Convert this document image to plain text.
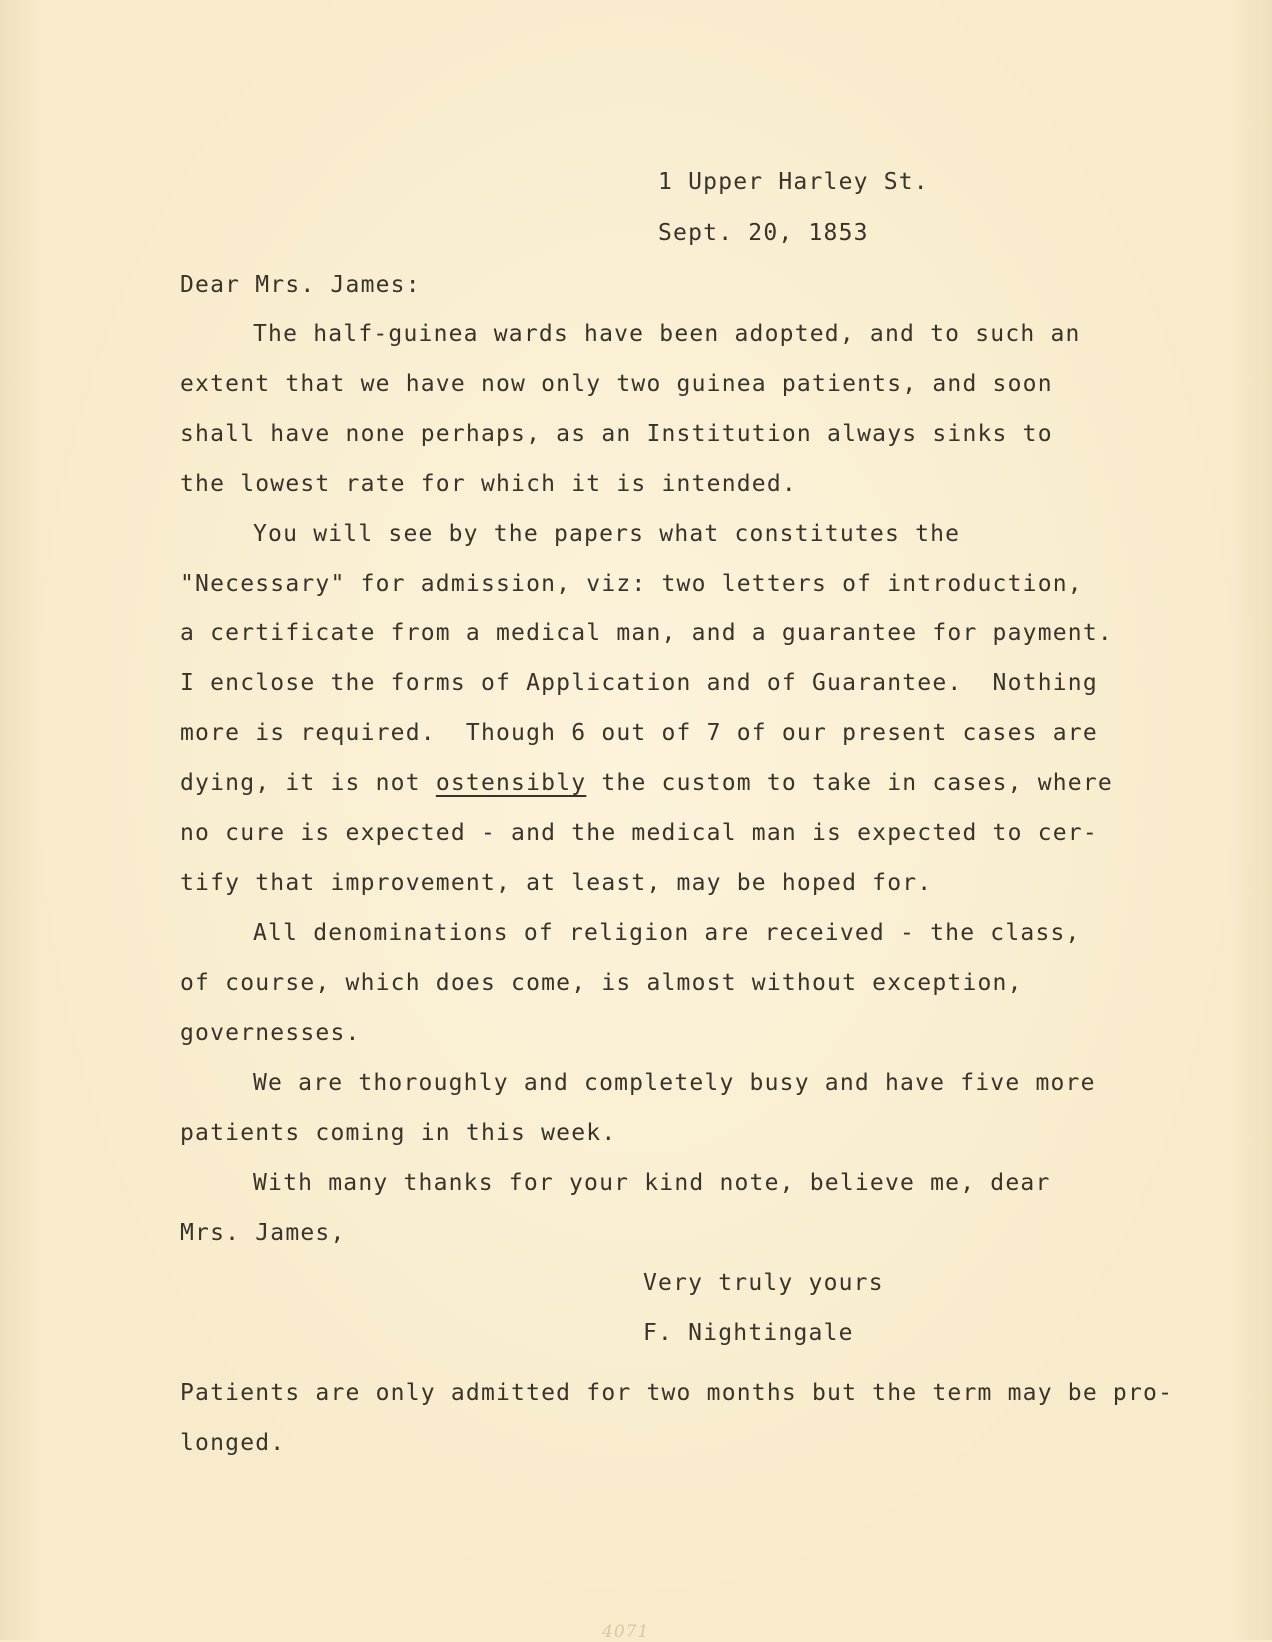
1 Upper Harley St.
Sept. 20, 1853
Dear Mrs. James:
The half-guinea wards have been adopted, and to such an
extent that we have now only two guinea patients, and soon
shall have none perhaps, as an Institution always sinks to
the lowest rate for which it is intended.
You will see by the papers what constitutes the
"Necessary" for admission, viz: two letters of introduction,
a certificate from a medical man, and a guarantee for payment.
I enclose the forms of Application and of Guarantee.  Nothing
more is required.  Though 6 out of 7 of our present cases are
dying, it is not ostensibly the custom to take in cases, where
no cure is expected - and the medical man is expected to cer-
tify that improvement, at least, may be hoped for.
All denominations of religion are received - the class,
of course, which does come, is almost without exception,
governesses.
We are thoroughly and completely busy and have five more
patients coming in this week.
With many thanks for your kind note, believe me, dear
Mrs. James,
Very truly yours
F. Nightingale
Patients are only admitted for two months but the term may be pro-
longed.
4071
